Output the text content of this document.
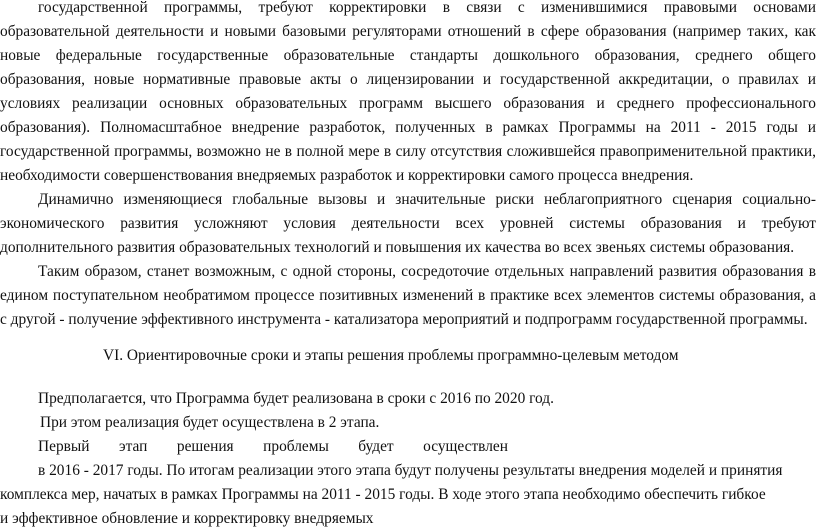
государственной программы, требуют корректировки в связи с изменившимися правовыми основами
образовательной деятельности и новыми базовыми регуляторами отношений в сфере образования (например таких, как
новые федеральные государственные образовательные стандарты дошкольного образования, среднего общего
образования, новые нормативные правовые акты о лицензировании и государственной аккредитации, о правилах и
условиях реализации основных образовательных программ высшего образования и среднего профессионального
образования). Полномасштабное внедрение разработок, полученных в рамках Программы на 2011 - 2015 годы и
государственной программы, возможно не в полной мере в силу отсутствия сложившейся правоприменительной практики,
необходимости совершенствования внедряемых разработок и корректировки самого процесса внедрения.
Динамично изменяющиеся глобальные вызовы и значительные риски неблагоприятного сценария социально-
экономического развития усложняют условия деятельности всех уровней системы образования и требуют
дополнительного развития образовательных технологий и повышения их качества во всех звеньях системы образования.
Таким образом, станет возможным, с одной стороны, сосредоточие отдельных направлений развития образования в
едином поступательном необратимом процессе позитивных изменений в практике всех элементов системы образования, а
с другой - получение эффективного инструмента - катализатора мероприятий и подпрограмм государственной программы.
VI. Ориентировочные сроки и этапы решения проблемы программно-целевым методом
Предполагается, что Программа будет реализована в сроки с 2016 по 2020 год.
При этом реализация будет осуществлена в 2 этапа.
Первый этап решения проблемы будет осуществлен
в 2016 - 2017 годы. По итогам реализации этого этапа будут получены результаты внедрения моделей и принятия
комплекса мер, начатых в рамках Программы на 2011 - 2015 годы. В ходе этого этапа необходимо обеспечить гибкое
и эффективное обновление и корректировку внедряемых
